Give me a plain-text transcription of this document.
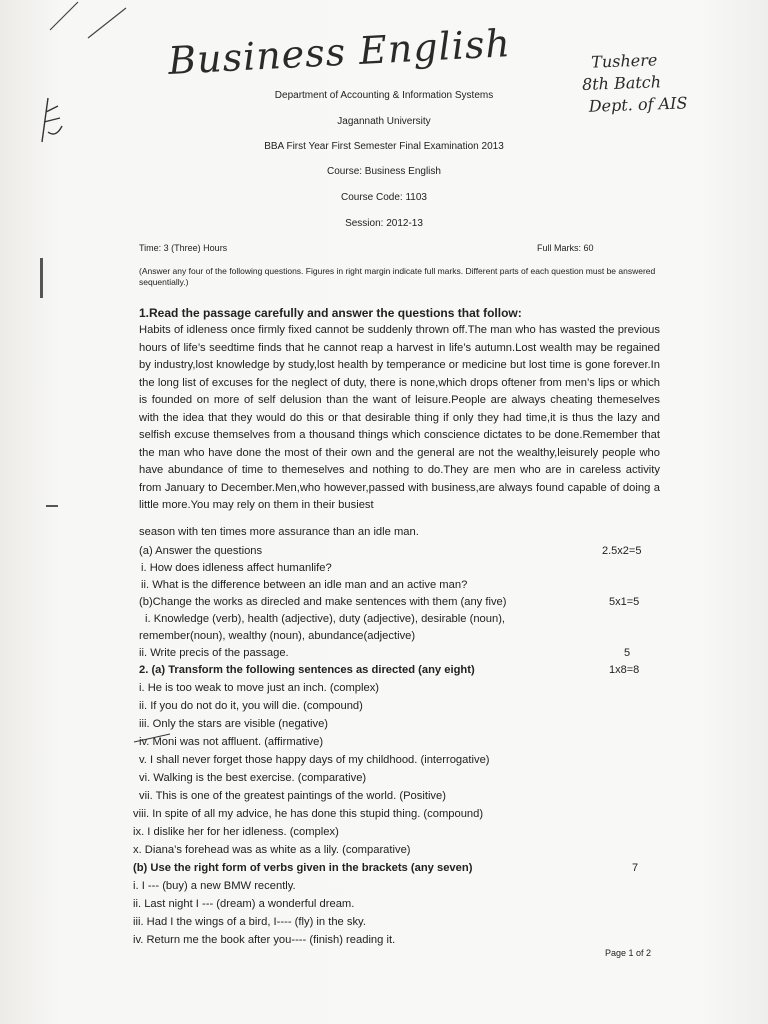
Business English	Tushere
8th Batch
Dept. of AIS
Department of Accounting & Information Systems
Jagannath University
BBA First Year First Semester Final Examination 2013
Course: Business English
Course Code: 1103
Session: 2012-13
Time: 3 (Three) Hours	Full Marks: 60
(Answer any four of the following questions. Figures in right margin indicate full marks. Different parts of each question must be answered sequentially.)
1.Read the passage carefully and answer the questions that follow:
Habits of idleness once firmly fixed cannot be suddenly thrown off.The man who has wasted the previous hours of life’s seedtime finds that he cannot reap a harvest in life’s autumn.Lost wealth may be regained by industry,lost knowledge by study,lost health by temperance or medicine but lost time is gone forever.In the long list of excuses for the neglect of duty, there is none,which drops oftener from men’s lips or which is founded on more of self delusion than the want of leisure.People are always cheating themeselves with the idea that they would do this or that desirable thing if only they had time,it is thus the lazy and selfish excuse themselves from a thousand things which conscience dictates to be done.Remember that the man who have done the most of their own and the general are not the wealthy,leisurely people who have abundance of time to themeselves and nothing to do.They are men who are in careless activity from January to December.Men,who however,passed with business,are always found capable of doing a little more.You may rely on them in their busiest
season with ten times more assurance than an idle man.
(a) Answer the questions	2.5x2=5
i. How does idleness affect humanlife?
ii. What is the difference between an idle man and an active man?
(b)Change the works as direcled and make sentences with them (any five)	5x1=5
i. Knowledge (verb), health (adjective), duty (adjective), desirable (noun),
remember(noun), wealthy (noun), abundance(adjective)
ii. Write precis of the passage.	5
2. (a) Transform the following sentences as directed (any eight)	1x8=8
i. He is too weak to move just an inch. (complex)
ii. If you do not do it, you will die. (compound)
iii. Only the stars are visible (negative)
iv. Moni was not affluent. (affirmative)
v. I shall never forget those happy days of my childhood. (interrogative)
vi. Walking is the best exercise. (comparative)
vii. This is one of the greatest paintings of the world. (Positive)
viii. In spite of all my advice, he has done this stupid thing. (compound)
ix. I dislike her for her idleness. (complex)
x. Diana’s forehead was as white as a lily. (comparative)
(b) Use the right form of verbs given in the brackets (any seven)	7
i. I --- (buy) a new BMW recently.
ii. Last night I --- (dream) a wonderful dream.
iii. Had I the wings of a bird, I---- (fly) in the sky.
iv. Return me the book after you---- (finish) reading it.
Page 1 of 2
